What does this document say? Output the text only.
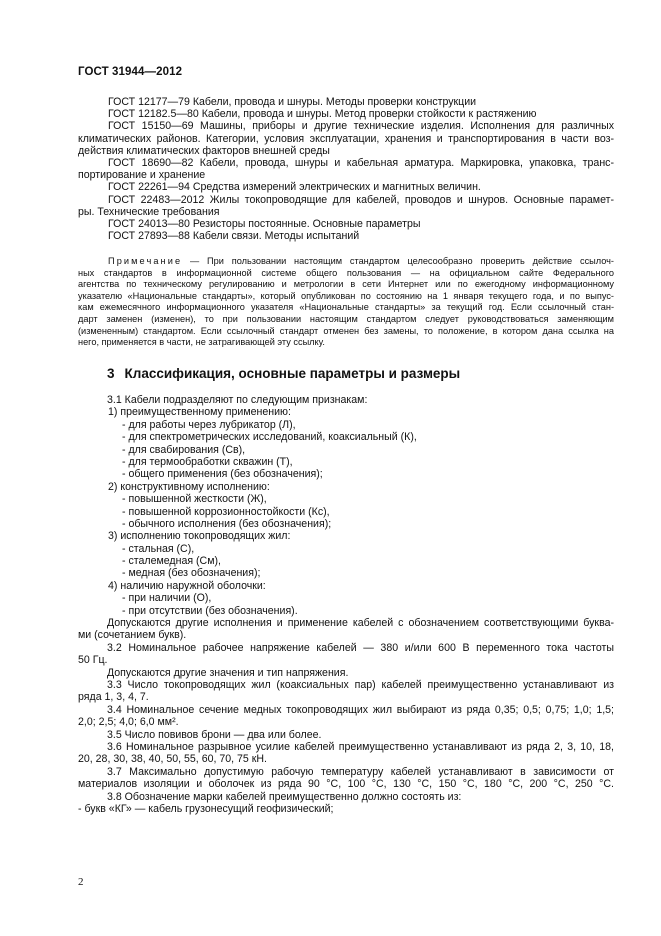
ГОСТ 31944—2012
ГОСТ 12177—79 Кабели, провода и шнуры. Методы проверки конструкции
ГОСТ 12182.5—80 Кабели, провода и шнуры. Метод проверки стойкости к растяжению
ГОСТ 15150—69 Машины, приборы и другие технические изделия. Исполнения для различных
климатических районов. Категории, условия эксплуатации, хранения и транспортирования в части воз-
действия климатических факторов внешней среды
ГОСТ 18690—82 Кабели, провода, шнуры и кабельная арматура. Маркировка, упаковка, транс-
портирование и хранение
ГОСТ 22261—94 Средства измерений электрических и магнитных величин.
ГОСТ 22483—2012 Жилы токопроводящие для кабелей, проводов и шнуров. Основные парамет-
ры. Технические требования
ГОСТ 24013—80 Резисторы постоянные. Основные параметры
ГОСТ 27893—88 Кабели связи. Методы испытаний
Примечание — При пользовании настоящим стандартом целесообразно проверить действие ссылоч-
ных стандартов в информационной системе общего пользования — на официальном сайте Федерального
агентства по техническому регулированию и метрологии в сети Интернет или по ежегодному информационному
указателю «Национальные стандарты», который опубликован по состоянию на 1 января текущего года, и по выпус-
кам ежемесячного информационного указателя «Национальные стандарты» за текущий год. Если ссылочный стан-
дарт заменен (изменен), то при пользовании настоящим стандартом следует руководствоваться заменяющим
(измененным) стандартом. Если ссылочный стандарт отменен без замены, то положение, в котором дана ссылка на
него, применяется в части, не затрагивающей эту ссылку.
3 Классификация, основные параметры и размеры
3.1 Кабели подразделяют по следующим признакам:
1) преимущественному применению:
- для работы через лубрикатор (Л),
- для спектрометрических исследований, коаксиальный (К),
- для свабирования (Св),
- для термообработки скважин (Т),
- общего применения (без обозначения);
2) конструктивному исполнению:
- повышенной жесткости (Ж),
- повышенной коррозионностойкости (Кс),
- обычного исполнения (без обозначения);
3) исполнению токопроводящих жил:
- стальная (С),
- сталемедная (См),
- медная (без обозначения);
4) наличию наружной оболочки:
- при наличии (О),
- при отсутствии (без обозначения).
Допускаются другие исполнения и применение кабелей с обозначением соответствующими буква-
ми (сочетанием букв).
3.2 Номинальное рабочее напряжение кабелей — 380 и/или 600 В переменного тока частоты
50 Гц.
Допускаются другие значения и тип напряжения.
3.3 Число токопроводящих жил (коаксиальных пар) кабелей преимущественно устанавливают из
ряда 1, 3, 4, 7.
3.4 Номинальное сечение медных токопроводящих жил выбирают из ряда 0,35; 0,5; 0,75; 1,0; 1,5;
2,0; 2,5; 4,0; 6,0 мм².
3.5 Число повивов брони — два или более.
3.6 Номинальное разрывное усилие кабелей преимущественно устанавливают из ряда 2, 3, 10, 18,
20, 28, 30, 38, 40, 50, 55, 60, 70, 75 кН.
3.7 Максимально допустимую рабочую температуру кабелей устанавливают в зависимости от
материалов изоляции и оболочек из ряда 90 °С, 100 °С, 130 °С, 150 °С, 180 °С, 200 °С, 250 °С.
3.8 Обозначение марки кабелей преимущественно должно состоять из:
- букв «КГ» — кабель грузонесущий геофизический;
2
